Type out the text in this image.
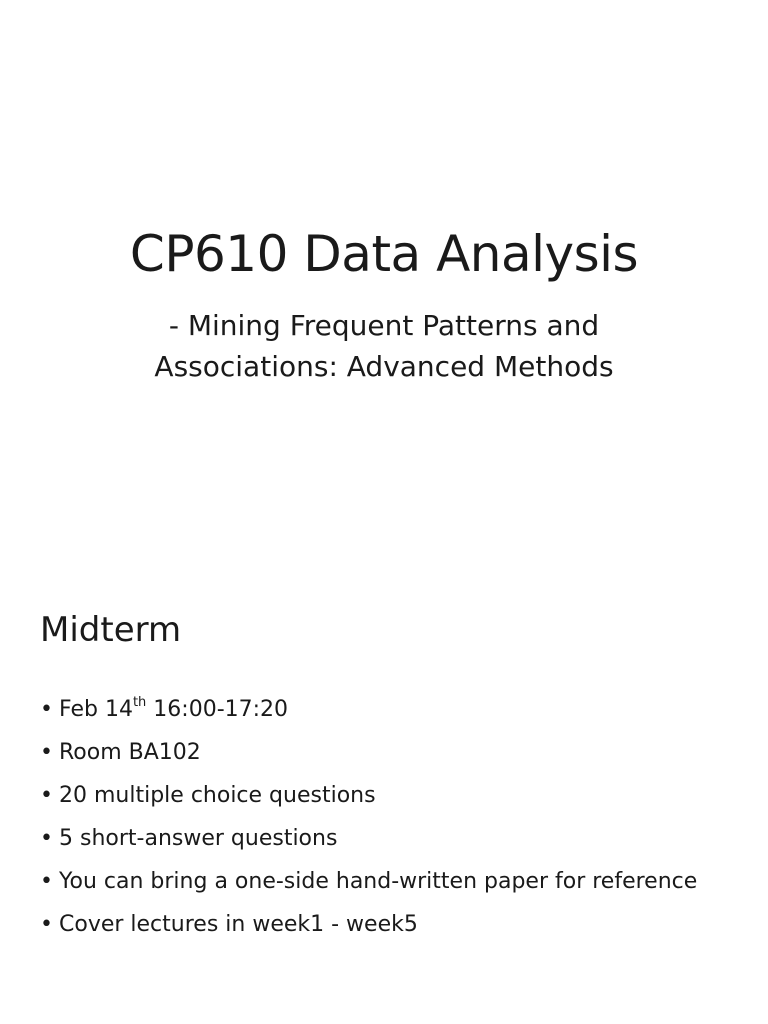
CP610 Data Analysis
- Mining Frequent Patterns and
Associations: Advanced Methods
Midterm
• Feb 14th 16:00-17:20
• Room BA102
• 20 multiple choice questions
• 5 short-answer questions
• You can bring a one-side hand-written paper for reference
• Cover lectures in week1 - week5
